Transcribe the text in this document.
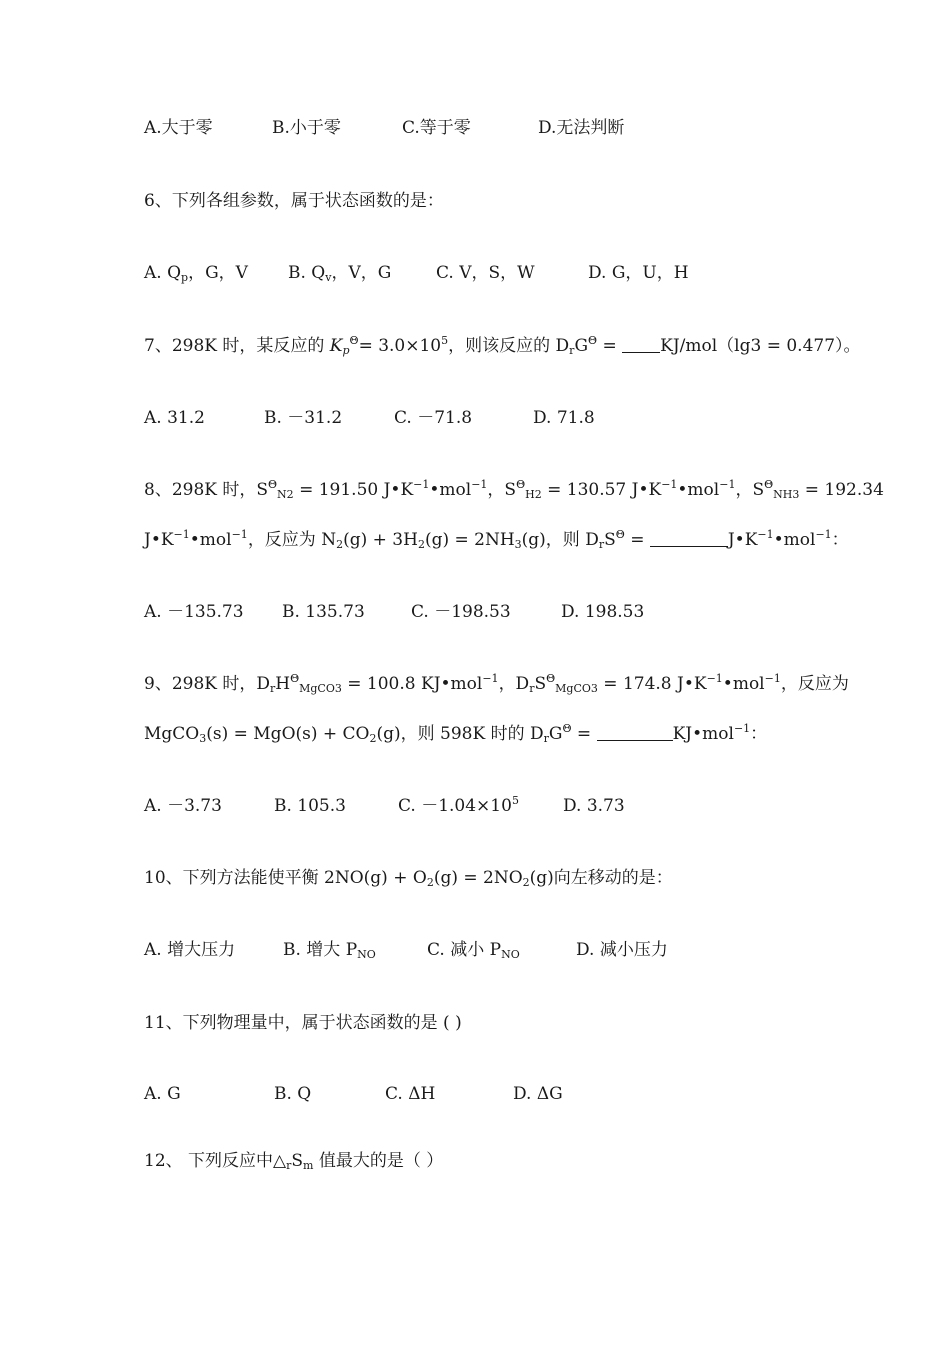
A.大于零	B.小于零	C.等于零	D.无法判断
6、下列各组参数，属于状态函数的是：
A. $Q_p$，G，V B. $Q_v$，V，G	C. V，S，W	D. G，U，H
7、298K 时，某反应的 $K_p^\Theta= 3.0\times 10^5$，则该反应的 $D_rG^\Theta = KJ/mol(\lg 3 = 0.477)$。
A. 31.2	B. －31.2	C. －71.8	D. 71.8
8、298K 时，$S^\Theta_{N2} = 191.50$ $J•K^{-1}•mol^{-1}$，$S^\Theta_{H2} = 130.57$ $J•K^{-1}•mol^{-1}$，$S^\Theta_{NH3} = 192.34$
$J•K^{-1}•mol^{-1}$，反应为 $N_2(g) + 3H_2(g) = 2NH_3(g)$，则 $D_rS^\Theta$ =	$J•K^{-1}•mol^{-1}$：
A. －135.73 B. 135.73	C. －198.53	D. 198.53
9、298K 时，$D_rH^\Theta_{MgCO3} = 100.8$ KJ•mol$^{-1}$，$D_rS^\Theta_{MgCO3} = 174.8$ $J•K^{-1}•mol^{-1}$，反应为
MgCO$_3$(s) = $MgO(s) + CO_2(g)$，则 598K 时的 $D_rG^\Theta$ =	KJ•mol$^{-1}$：
A. －3.73	B. 105.3	C. $-1.04\times 10^5$	D. 3.73
10、下列方法能使平衡 $2NO(g) + O_2(g) = 2NO_2(g)$向左移动的是：
A. 增大压力	B. 增大 $P_{NO}$	C. 减小 $P_{NO}$	D. 减小压力
11、下列物理量中，属于状态函数的是 ( )
A. G	B. Q	C. ΔH	D. ΔG
12、 下列反应中$\triangle_rS_m$ 值最大的是（ ）
